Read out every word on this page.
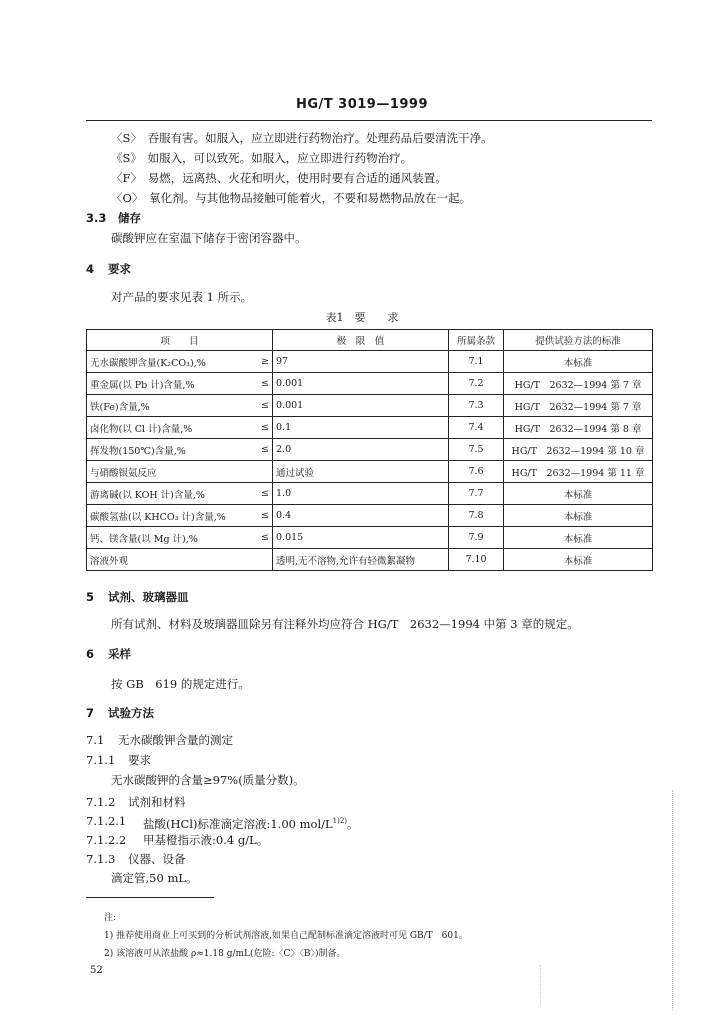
HG/T 3019—1999
〈S〉　吞服有害。如服入，应立即进行药物治疗。处理药品后要清洗干净。
《S》　如服入，可以致死。如服入，应立即进行药物治疗。
〈F〉　易燃，远离热、火花和明火，使用时要有合适的通风装置。
〈O〉　氧化剂。与其他物品接触可能着火，不要和易燃物品放在一起。
3.3 储存
碳酸钾应在室温下储存于密闭容器中。
4 要求
对产品的要求见表 1 所示。
表1　要　　求
项　　目		极　限　值	所属条款	提供试验方法的标准
无水碳酸钾含量(K₂CO₃),%	≥	97	7.1	本标准
重金属(以 Pb 计)含量,%	≤	0.001	7.2	HG/T　2632—1994 第 7 章
铁(Fe)含量,%	≤	0.001	7.3	HG/T　2632—1994 第 7 章
卤化物(以 Cl 计)含量,%	≤	0.1	7.4	HG/T　2632—1994 第 8 章
挥发物(150℃)含量,%	≤	2.0	7.5	HG/T　2632—1994 第 10 章
与硝酸银氨反应		通过试验	7.6	HG/T　2632—1994 第 11 章
游离碱(以 KOH 计)含量,%	≤	1.0	7.7	本标准
碳酸氢盐(以 KHCO₃ 计)含量,%	≤	0.4	7.8	本标准
钙、镁含量(以 Mg 计),%	≤	0.015	7.9	本标准
溶液外观		透明,无不溶物,允许有轻微絮凝物	7.10	本标准
5 试剂、玻璃器皿
所有试剂、材料及玻璃器皿除另有注释外均应符合 HG/T　2632—1994 中第 3 章的规定。
6 采样
按 GB　619 的规定进行。
7 试验方法
7.1 无水碳酸钾含量的测定
7.1.1 要求
无水碳酸钾的含量≥97%(质量分数)。
7.1.2 试剂和材料
7.1.2.1 盐酸(HCl)标准滴定溶液:1.00 mol/$L^{1)2)}$。
7.1.2.2 甲基橙指示液:0.4 g/L。
7.1.3 仪器、设备
滴定管,50 mL。
注:
1) 推荐使用商业上可买到的分析试剂溶液,如果自己配制标准滴定溶液时可见 GB/T　601。
2) 该溶液可从浓盐酸 ρ≈1.18 g/mL(危险:〈C〉〈B〉)制备。
52
